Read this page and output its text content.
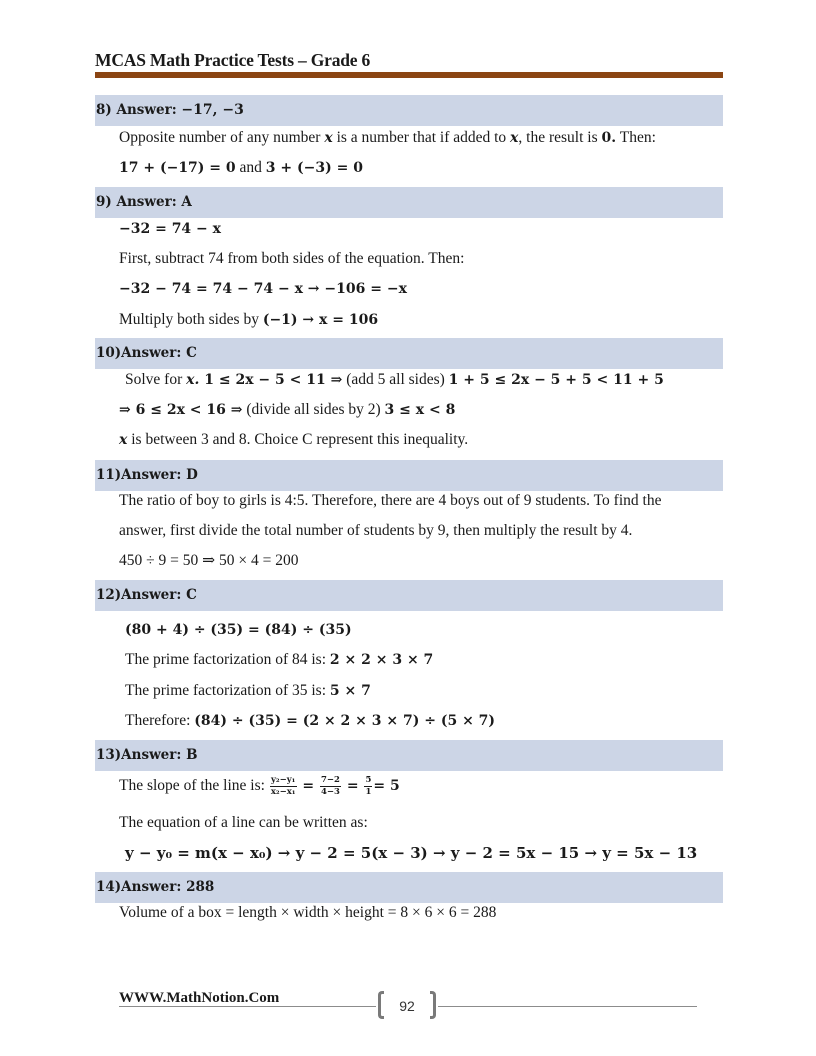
MCAS Math Practice Tests – Grade 6
8) Answer: −17, −3
Opposite number of any number x is a number that if added to x, the result is 0. Then:
17 + (−17) = 0 and 3 + (−3) = 0
9) Answer: A
−32 = 74 − x
First, subtract 74 from both sides of the equation. Then:
−32 − 74 = 74 − 74 − x → −106 = −x
Multiply both sides by (−1) → x = 106
10)Answer: C
Solve for x. 1 ≤ 2x − 5 < 11 ⇒ (add 5 all sides) 1 + 5 ≤ 2x − 5 + 5 < 11 + 5
⇒ 6 ≤ 2x < 16 ⇒ (divide all sides by 2) 3 ≤ x < 8
x is between 3 and 8. Choice C represent this inequality.
11)Answer: D
The ratio of boy to girls is 4:5. Therefore, there are 4 boys out of 9 students. To find the
answer, first divide the total number of students by 9, then multiply the result by 4.
450 ÷ 9 = 50 ⇒ 50 × 4 = 200
12)Answer: C
(80 + 4) ÷ (35) = (84) ÷ (35)
The prime factorization of 84 is: 2 × 2 × 3 × 7
The prime factorization of 35 is: 5 × 7
Therefore: (84) ÷ (35) = (2 × 2 × 3 × 7) ÷ (5 × 7)
13)Answer: B
The slope of the line is: $\frac{\text{y₂−y₁}}{\text{x₂−x₁}} = \frac{7-2}{4-3} = \frac{5}{1} = 5$
The equation of a line can be written as:
y − y₀ = m(x − x₀) → y − 2 = 5(x − 3) → y − 2 = 5x − 15 → y = 5x − 13
14)Answer: 288
Volume of a box = length × width × height = 8 × 6 × 6 = 288
WWW.MathNotion.Com	92
